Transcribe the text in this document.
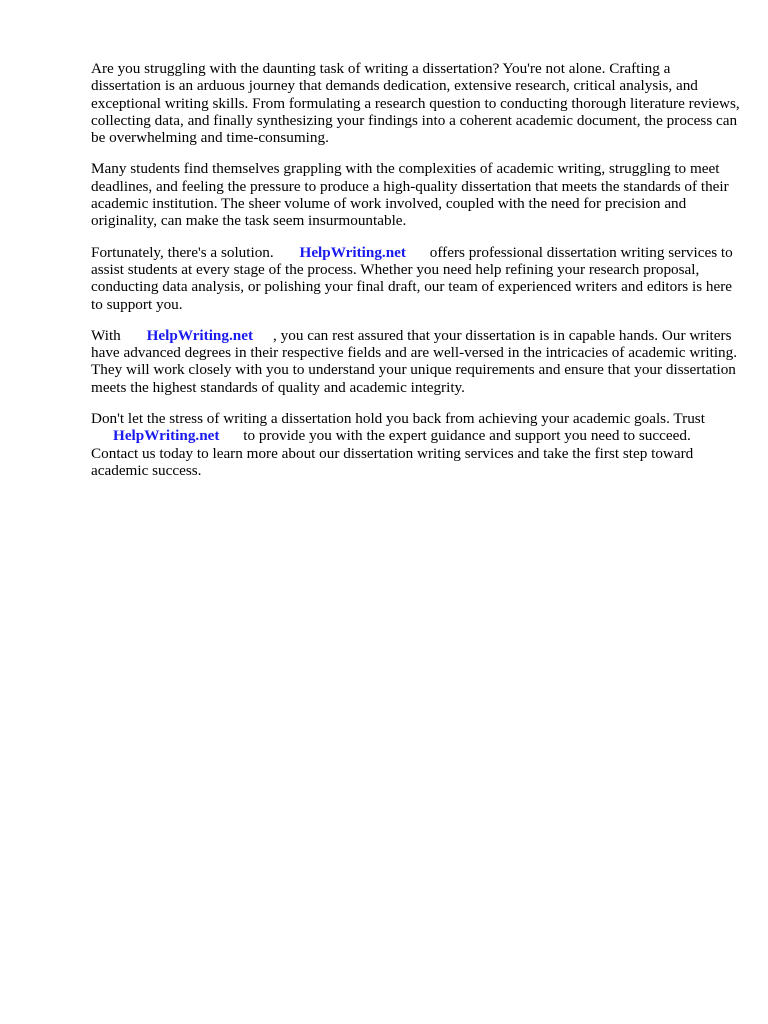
Are you struggling with the daunting task of writing a dissertation? You're not alone. Crafting a dissertation is an arduous journey that demands dedication, extensive research, critical analysis, and exceptional writing skills. From formulating a research question to conducting thorough literature reviews, collecting data, and finally synthesizing your findings into a coherent academic document, the process can be overwhelming and time-consuming.

Many students find themselves grappling with the complexities of academic writing, struggling to meet deadlines, and feeling the pressure to produce a high-quality dissertation that meets the standards of their academic institution. The sheer volume of work involved, coupled with the need for precision and originality, can make the task seem insurmountable.

Fortunately, there's a solution. HelpWriting.net offers professional dissertation writing services to assist students at every stage of the process. Whether you need help refining your research proposal, conducting data analysis, or polishing your final draft, our team of experienced writers and editors is here to support you.

With HelpWriting.net , you can rest assured that your dissertation is in capable hands. Our writers have advanced degrees in their respective fields and are well-versed in the intricacies of academic writing. They will work closely with you to understand your unique requirements and ensure that your dissertation meets the highest standards of quality and academic integrity.

Don't let the stress of writing a dissertation hold you back from achieving your academic goals. Trust HelpWriting.net to provide you with the expert guidance and support you need to succeed. Contact us today to learn more about our dissertation writing services and take the first step toward academic success.
